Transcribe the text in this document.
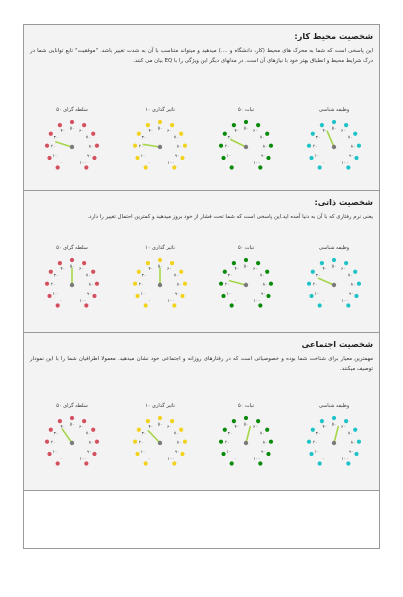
شخصیت محیط کار:
این پاسخی است که شما به محرک های محیط (کار، دانشگاه و ....) میدهید و میتواند متناسب با آن به شدت تغییر باشد. "موفقیت" تابع توانایی شما در درک شرایط محیط و انطباق بهتر خود با نیازهای آن است. در مدلهای دیگر این ویژگی را با EQ بیان می کنند.
وظیفه شناسی
۰
۱۰
۲۰
۳۰
۴۰ ۵۰ ۶۰
۷۰
۸۰
۹۰
۱۰۰
ثبات ۵۰
۰
۱۰
۲۰
۳۰
۴۰ ۵۰ ۶۰
۷۰
۸۰
۹۰
۱۰۰
تاثیر گذاری ۱۰
۰
۱۰
۲۰
۳۰
۴۰ ۵۰ ۶۰
۷۰
۸۰
۹۰
۱۰۰
سلطه گرای ۵۰
۰
۱۰
۲۰
۳۰
۴۰ ۵۰ ۶۰
۷۰
۸۰
۹۰
۱۰۰
شخصیت ذاتی:
یعنی نرم رفتاری که با آن به دنیا آمده اید.این پاسخی است که شما تحت فشار از خود بروز میدهید و کمترین احتمال تغییر را دارد.
وظیفه شناسی
۰
۱۰
۲۰
۳۰
۴۰ ۵۰ ۶۰
۷۰
۸۰
۹۰
۱۰۰
ثبات ۵۰
۰
۱۰
۲۰
۳۰
۴۰ ۵۰ ۶۰
۷۰
۸۰
۹۰
۱۰۰
تاثیر گذاری ۱۰
۰
۱۰
۲۰
۳۰
۴۰ ۵۰ ۶۰
۷۰
۸۰
۹۰
۱۰۰
سلطه گرای ۵۰
۰
۱۰
۲۰
۳۰
۴۰ ۵۰ ۶۰
۷۰
۸۰
۹۰
۱۰۰
شخصیت اجتماعی
مهمترین معیار برای شناخت شما بوده و خصوصیاتی است که در رفتارهای روزانه و اجتماعی خود نشان میدهید. معمولا اطرافیان شما را با این نمودار توصیف میکنند.
وظیفه شناسی
۰
۱۰
۲۰
۳۰
۴۰ ۵۰ ۶۰
۷۰
۸۰
۹۰
۱۰۰
ثبات ۵۰
۰
۱۰
۲۰
۳۰
۴۰ ۵۰ ۶۰
۷۰
۸۰
۹۰
۱۰۰
تاثیر گذاری ۱۰
۰
۱۰
۲۰
۳۰
۴۰ ۵۰ ۶۰
۷۰
۸۰
۹۰
۱۰۰
سلطه گرای ۵۰
۰
۱۰
۲۰
۳۰
۴۰ ۵۰ ۶۰
۷۰
۸۰
۹۰
۱۰۰
